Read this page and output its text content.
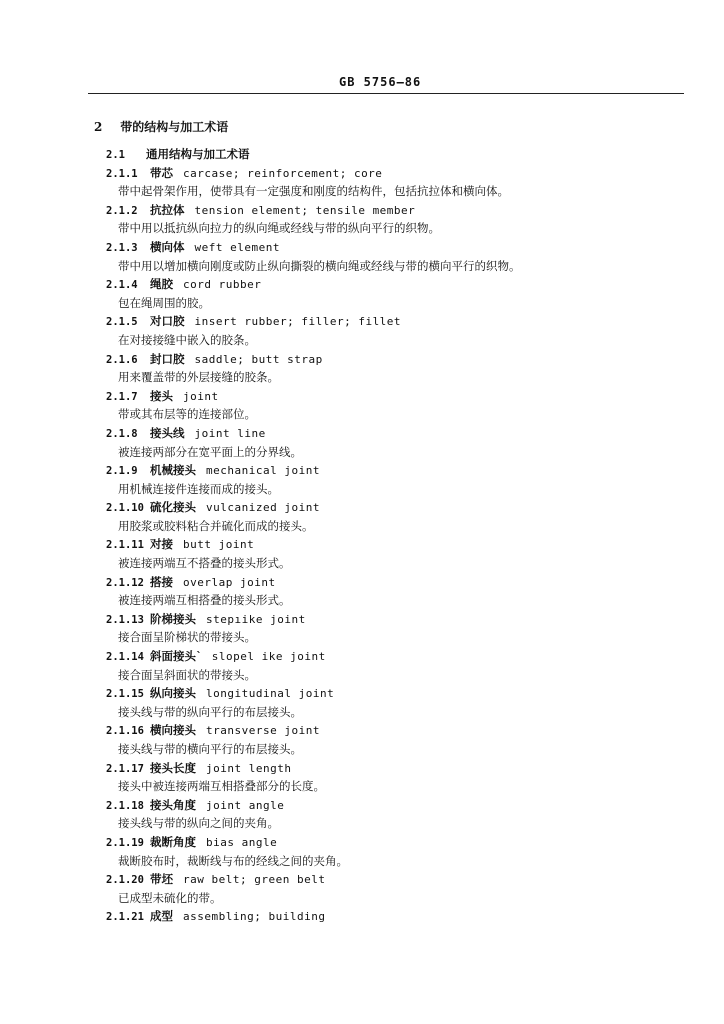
GB 5756—86
2 带的结构与加工术语
2.1 通用结构与加工术语
2.1.1 带芯 carcase; reinforcement; core
带中起骨架作用，使带具有一定强度和刚度的结构件，包括抗拉体和横向体。
2.1.2 抗拉体 tension element; tensile member
带中用以抵抗纵向拉力的纵向绳或经线与带的纵向平行的织物。
2.1.3 横向体 weft element
带中用以增加横向刚度或防止纵向撕裂的横向绳或经线与带的横向平行的织物。
2.1.4 绳胶 cord rubber
包在绳周围的胶。
2.1.5 对口胶 insert rubber; filler; fillet
在对接接缝中嵌入的胶条。
2.1.6 封口胶 saddle; butt strap
用来覆盖带的外层接缝的胶条。
2.1.7 接头 joint
带或其布层等的连接部位。
2.1.8 接头线 joint line
被连接两部分在宽平面上的分界线。
2.1.9 机械接头 mechanical joint
用机械连接件连接而成的接头。
2.1.10 硫化接头 vulcanized joint
用胶浆或胶料粘合并硫化而成的接头。
2.1.11 对接 butt joint
被连接两端互不搭叠的接头形式。
2.1.12 搭接 overlap joint
被连接两端互相搭叠的接头形式。
2.1.13 阶梯接头 stepıike joint
接合面呈阶梯状的带接头。
2.1.14 斜面接头` slopel ike joint
接合面呈斜面状的带接头。
2.1.15 纵向接头 longitudinal joint
接头线与带的纵向平行的布层接头。
2.1.16 横向接头 transverse joint
接头线与带的横向平行的布层接头。
2.1.17 接头长度 joint length
接头中被连接两端互相搭叠部分的长度。
2.1.18 接头角度 joint angle
接头线与带的纵向之间的夹角。
2.1.19 裁断角度 bias angle
裁断胶布时，裁断线与布的经线之间的夹角。
2.1.20 带坯 raw belt; green belt
已成型未硫化的带。
2.1.21 成型 assembling; building
